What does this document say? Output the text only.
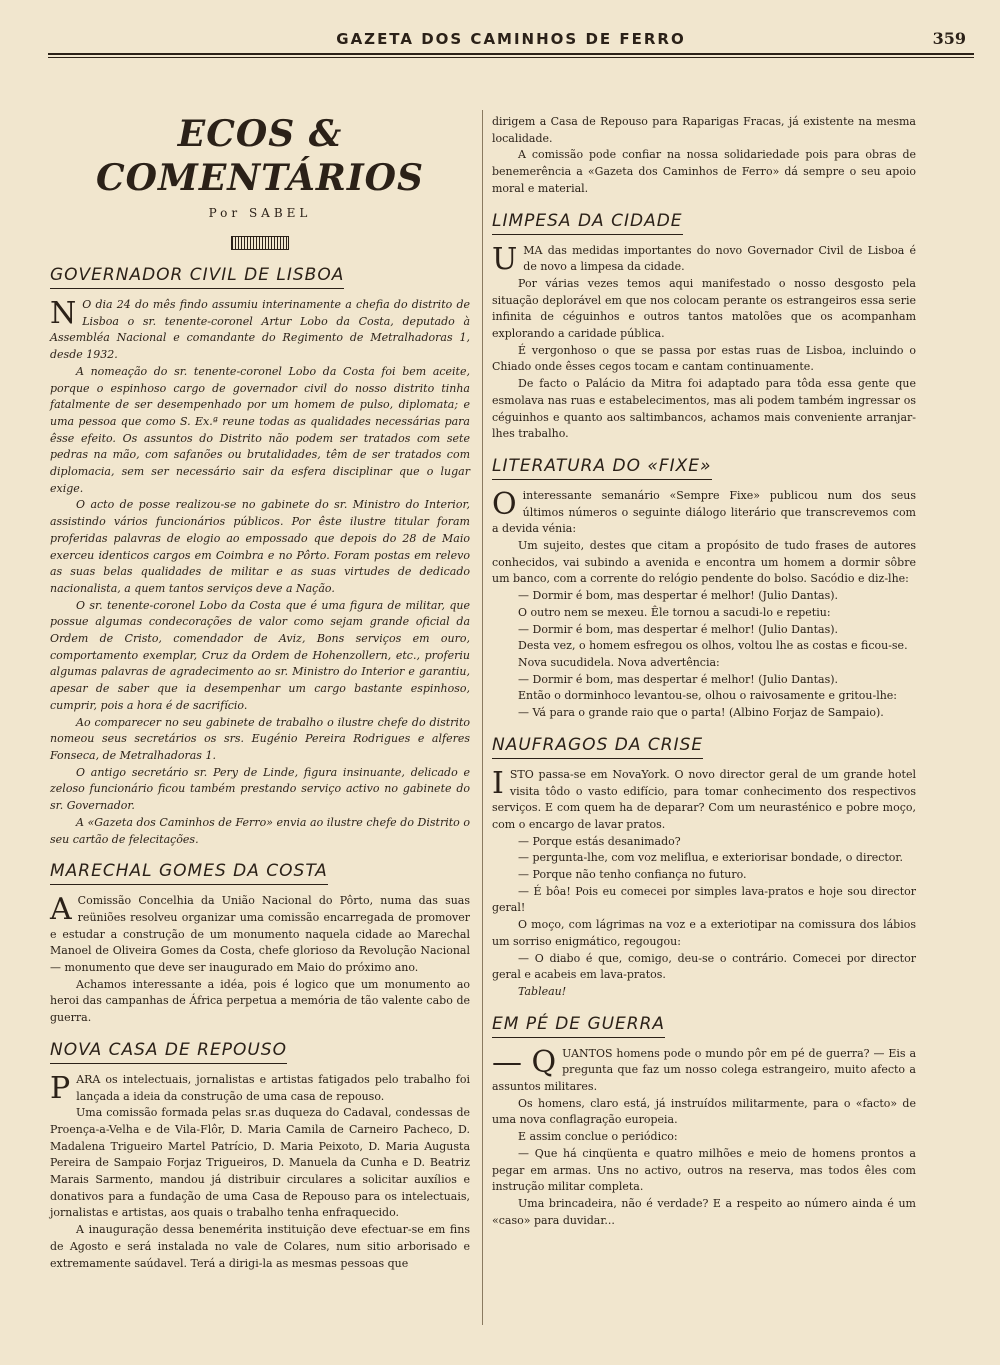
GAZETA DOS CAMINHOS DE FERRO	359
ECOS & COMENTÁRIOS
Por SABEL
GOVERNADOR CIVIL DE LISBOA

N O dia 24 do mês findo assumiu interinamente a chefia do distrito de Lisboa o sr. tenente-coronel Artur Lobo da Costa, deputado à Assembléa Nacional e comandante do Regimento de Metralhadoras 1, desde 1932.

A nomeação do sr. tenente-coronel Lobo da Costa foi bem aceite, porque o espinhoso cargo de governador civil do nosso distrito tinha fatalmente de ser desempenhado por um homem de pulso, diplomata; e uma pessoa que como S. Ex.ª reune todas as qualidades necessárias para êsse efeito. Os assuntos do Distrito não podem ser tratados com sete pedras na mão, com safanões ou brutalidades, têm de ser tratados com diplomacia, sem ser necessário sair da esfera disciplinar que o lugar exige.

O acto de posse realizou-se no gabinete do sr. Ministro do Interior, assistindo vários funcionários públicos. Por êste ilustre titular foram proferidas palavras de elogio ao empossado que depois do 28 de Maio exerceu identicos cargos em Coimbra e no Pôrto. Foram postas em relevo as suas belas qualidades de militar e as suas virtudes de dedicado nacionalista, a quem tantos serviços deve a Nação.

O sr. tenente-coronel Lobo da Costa que é uma figura de militar, que possue algumas condecorações de valor como sejam grande oficial da Ordem de Cristo, comendador de Aviz, Bons serviços em ouro, comportamento exemplar, Cruz da Ordem de Hohenzollern, etc., proferiu algumas palavras de agradecimento ao sr. Ministro do Interior e garantiu, apesar de saber que ia desempenhar um cargo bastante espinhoso, cumprir, pois a hora é de sacrifício.

Ao comparecer no seu gabinete de trabalho o ilustre chefe do distrito nomeou seus secretários os srs. Eugénio Pereira Rodrigues e alferes Fonseca, de Metralhadoras 1.

O antigo secretário sr. Pery de Linde, figura insinuante, delicado e zeloso funcionário ficou também prestando serviço activo no gabinete do sr. Governador.

A «Gazeta dos Caminhos de Ferro» envia ao ilustre chefe do Distrito o seu cartão de felecitações.

MARECHAL GOMES DA COSTA

A Comissão Concelhia da União Nacional do Pôrto, numa das suas reüniões resolveu organizar uma comissão encarregada de promover e estudar a construção de um monumento naquela cidade ao Marechal Manoel de Oliveira Gomes da Costa, chefe glorioso da Revolução Nacional — monumento que deve ser inaugurado em Maio do próximo ano.

Achamos interessante a idéa, pois é logico que um monumento ao heroi das campanhas de África perpetua a memória de tão valente cabo de guerra.

NOVA CASA DE REPOUSO

PARA os intelectuais, jornalistas e artistas fatigados pelo trabalho foi lançada a ideia da construção de uma casa de repouso.

Uma comissão formada pelas sr.as duqueza do Cadaval, condessas de Proença-a-Velha e de Vila-Flôr, D. Maria Camila de Carneiro Pacheco, D. Madalena Trigueiro Martel Patrício, D. Maria Peixoto, D. Maria Augusta Pereira de Sampaio Forjaz Trigueiros, D. Manuela da Cunha e D. Beatriz Marais Sarmento, mandou já distribuir circulares a solicitar auxílios e donativos para a fundação de uma Casa de Repouso para os intelectuais, jornalistas e artistas, aos quais o trabalho tenha enfraquecido.

A inauguração dessa benemérita instituição deve efectuar-se em fins de Agosto e será instalada no vale de Colares, num sitio arborisado e extremamente saúdavel. Terá a dirigi-la as mesmas pessoas que

dirigem a Casa de Repouso para Raparigas Fracas, já existente na mesma localidade.

A comissão pode confiar na nossa solidariedade pois para obras de benemerência a «Gazeta dos Caminhos de Ferro» dá sempre o seu apoio moral e material.

LIMPESA DA CIDADE

UMA das medidas importantes do novo Governador Civil de Lisboa é de novo a limpesa da cidade.

Por várias vezes temos aqui manifestado o nosso desgosto pela situação deplorável em que nos colocam perante os estrangeiros essa serie infinita de céguinhos e outros tantos matolões que os acompanham explorando a caridade pública.

É vergonhoso o que se passa por estas ruas de Lisboa, incluindo o Chiado onde êsses cegos tocam e cantam continuamente.

De facto o Palácio da Mitra foi adaptado para tôda essa gente que esmolava nas ruas e estabelecimentos, mas ali podem também ingressar os céguinhos e quanto aos saltimbancos, achamos mais conveniente arranjar-lhes trabalho.

LITERATURA DO «FIXE»

Ointeressante semanário «Sempre Fixe» publicou num dos seus últimos números o seguinte diálogo literário que transcrevemos com a devida vénia:

Um sujeito, destes que citam a propósito de tudo frases de autores conhecidos, vai subindo a avenida e encontra um homem a dormir sôbre um banco, com a corrente do relógio pendente do bolso. Sacódio e diz-lhe:

— Dormir é bom, mas despertar é melhor! (Julio Dantas).

O outro nem se mexeu. Êle tornou a sacudi-lo e repetiu:

— Dormir é bom, mas despertar é melhor! (Julio Dantas).

Desta vez, o homem esfregou os olhos, voltou lhe as costas e ficou-se.

Nova sucudidela. Nova advertência:

— Dormir é bom, mas despertar é melhor! (Julio Dantas).

Então o dorminhoco levantou-se, olhou o raivosamente e gritou-lhe:

— Vá para o grande raio que o parta! (Albino Forjaz de Sampaio).

NAUFRAGOS DA CRISE

ISTO passa-se em NovaYork. O novo director geral de um grande hotel visita tôdo o vasto edifício, para tomar conhecimento dos respectivos serviços. E com quem ha de deparar? Com um neurasténico e pobre moço, com o encargo de lavar pratos.

— Porque estás desanimado?

— pergunta-lhe, com voz meliflua, e exteriorisar bondade, o director.

— Porque não tenho confiança no futuro.

— É bôa! Pois eu comecei por simples lava-pratos e hoje sou director geral!

O moço, com lágrimas na voz e a exteriotipar na comissura dos lábios um sorriso enigmático, regougou:

— O diabo é que, comigo, deu-se o contrário. Comecei por director geral e acabeis em lava-pratos.

Tableau!

EM PÉ DE GUERRA

— Q UANTOS homens pode o mundo pôr em pé de guerra? — Eis a pregunta que faz um nosso colega estrangeiro, muito afecto a assuntos militares.

Os homens, claro está, já instruídos militarmente, para o «facto» de uma nova conflagração europeia.

E assim conclue o periódico:

— Que há cinqüenta e quatro milhões e meio de homens prontos a pegar em armas. Uns no activo, outros na reserva, mas todos êles com instrução militar completa.

Uma brincadeira, não é verdade? E a respeito ao número ainda é um «caso» para duvidar...
